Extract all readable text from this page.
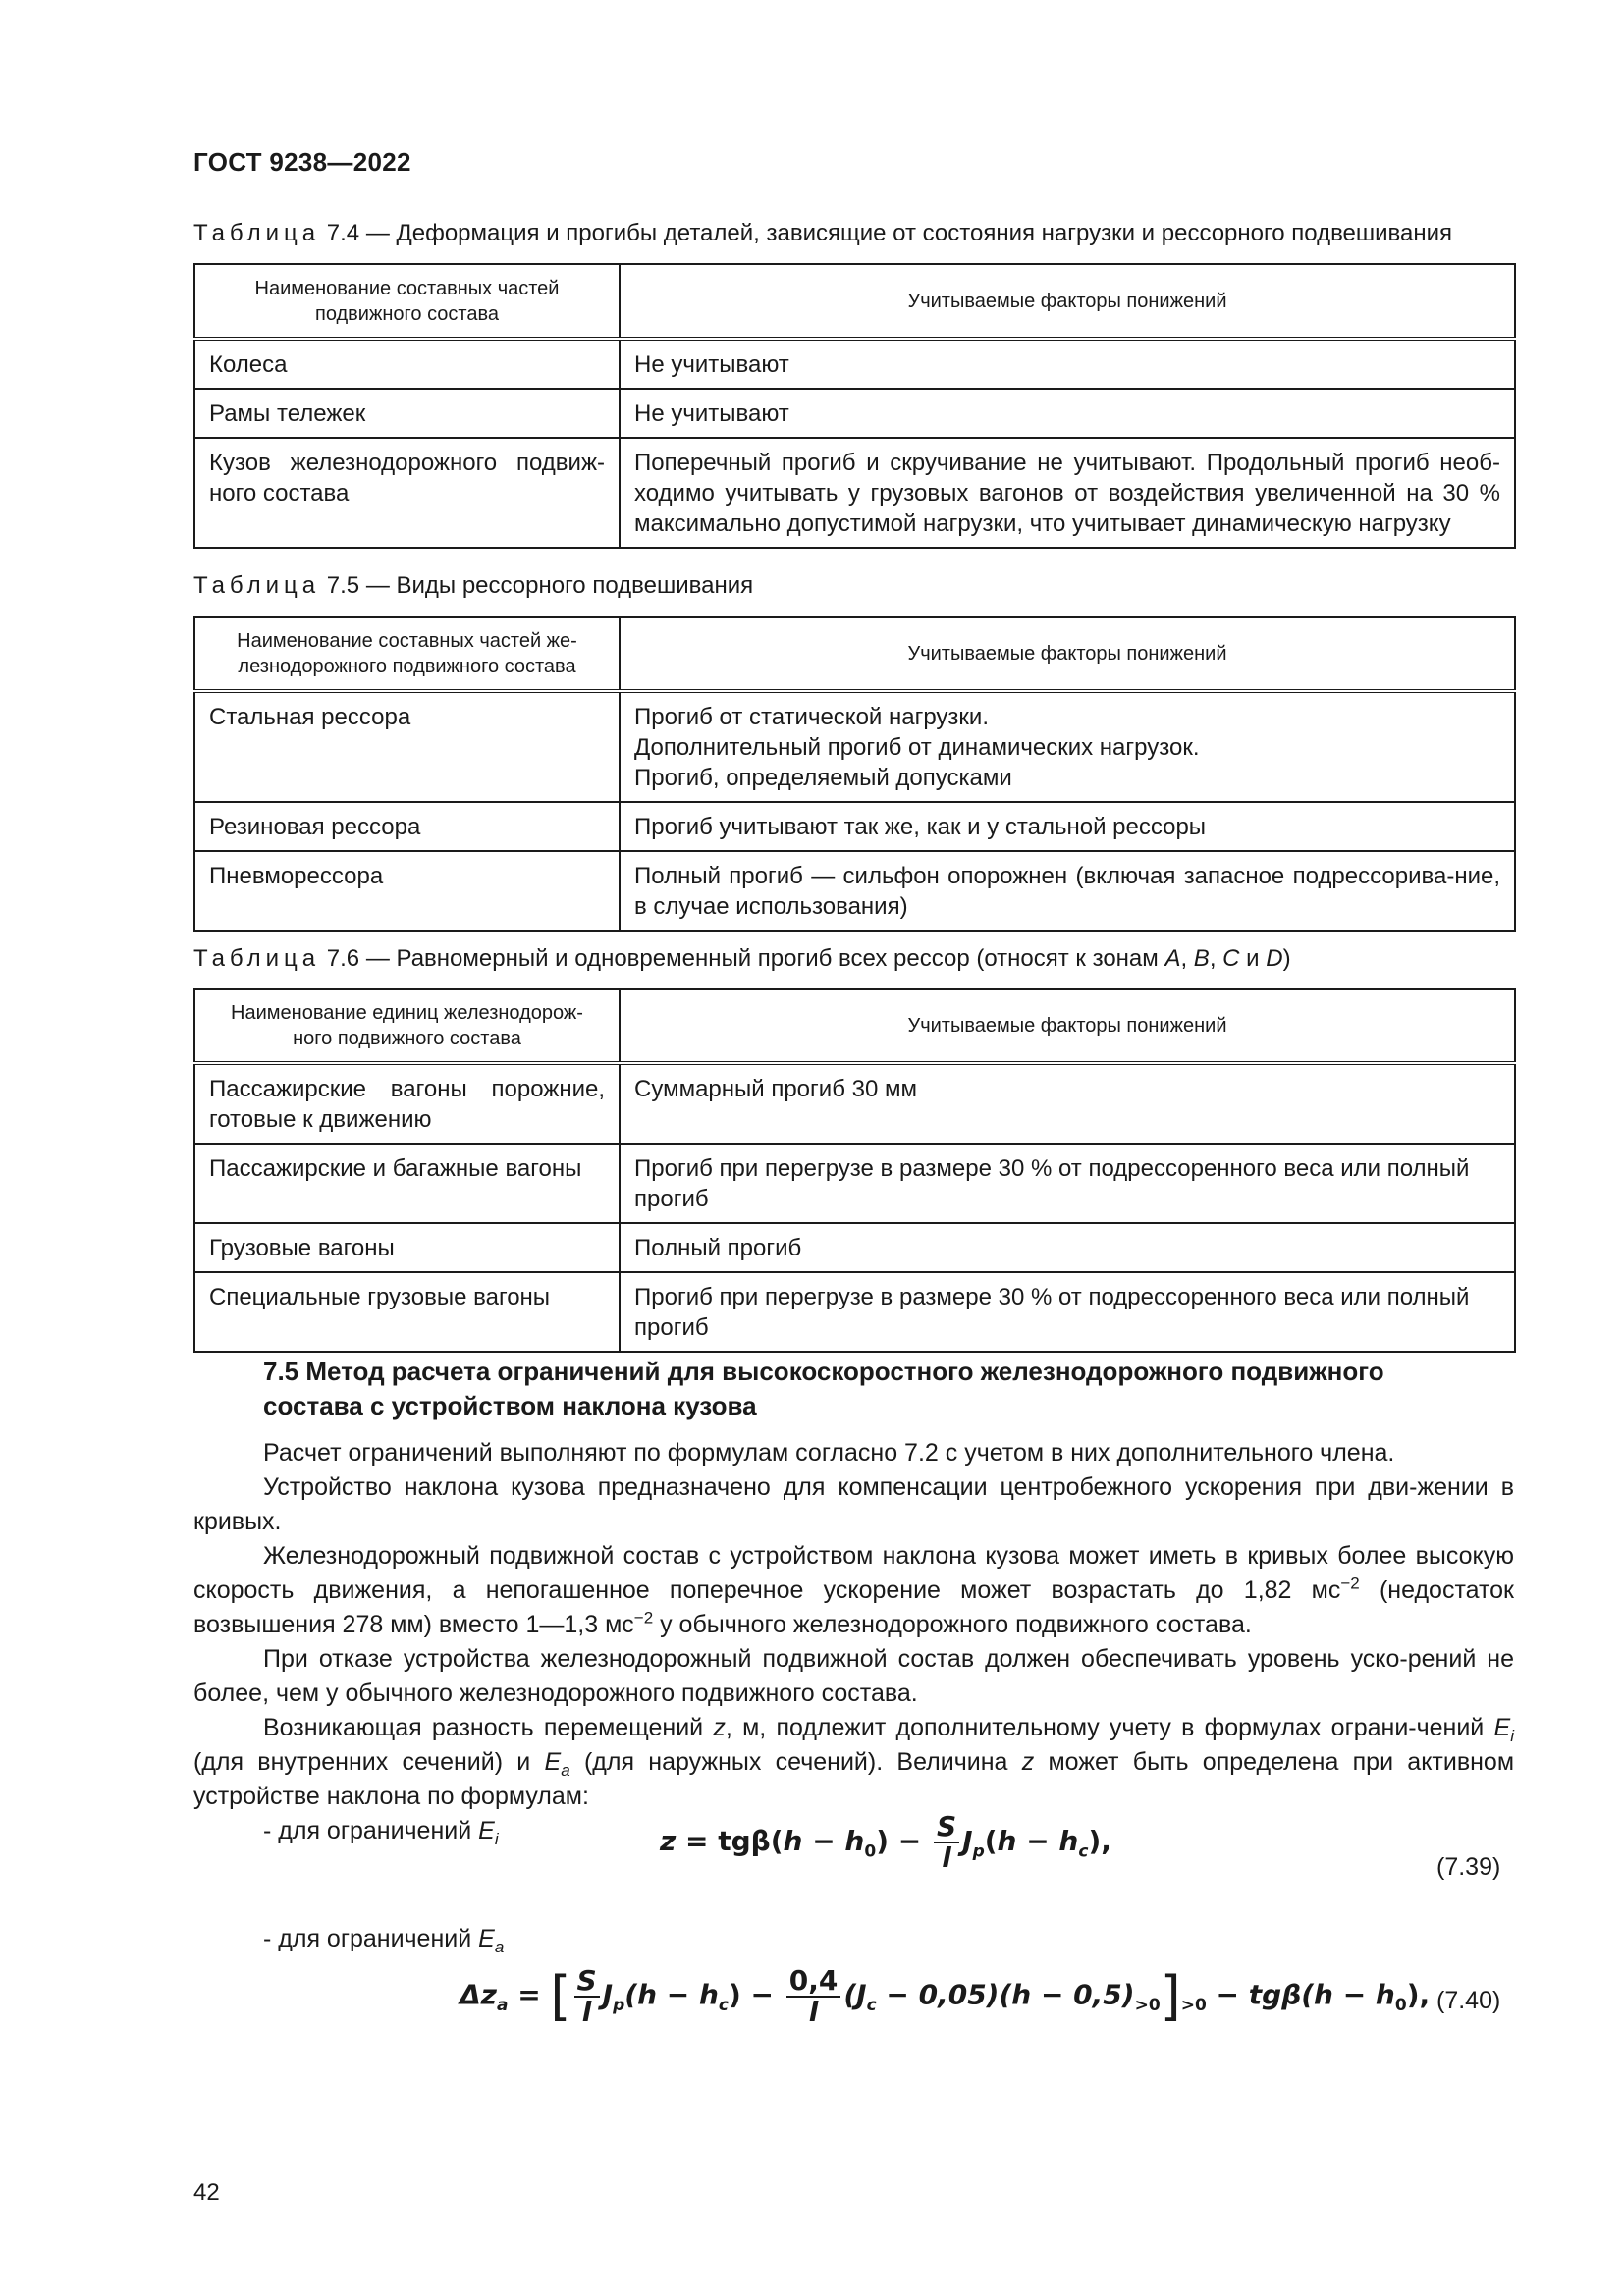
ГОСТ 9238—2022
Таблица 7.4 — Деформация и прогибы деталей, зависящие от состояния нагрузки и рессорного подвешивания
Наименование составных частей подвижного состава	Учитываемые факторы понижений
Колеса	Не учитывают
Рамы тележек	Не учитывают
Кузов железнодорожного подвиж-ного состава	Поперечный прогиб и скручивание не учитывают. Продольный прогиб необ-ходимо учитывать у грузовых вагонов от воздействия увеличенной на 30 % максимально допустимой нагрузки, что учитывает динамическую нагрузку
Таблица 7.5 — Виды рессорного подвешивания
Наименование составных частей же-лезнодорожного подвижного состава	Учитываемые факторы понижений
Стальная рессора	Прогиб от статической нагрузки.
Дополнительный прогиб от динамических нагрузок.
Прогиб, определяемый допусками
Резиновая рессора	Прогиб учитывают так же, как и у стальной рессоры
Пневморессора	Полный прогиб — сильфон опорожнен (включая запасное подрессорива-ние, в случае использования)
Таблица 7.6 — Равномерный и одновременный прогиб всех рессор (относят к зонам A, B, C и D)
Наименование единиц железнодорож-ного подвижного состава	Учитываемые факторы понижений
Пассажирские вагоны порожние, готовые к движению	Суммарный прогиб 30 мм
Пассажирские и багажные вагоны	Прогиб при перегрузе в размере 30 % от подрессоренного веса или полный прогиб
Грузовые вагоны	Полный прогиб
Специальные грузовые вагоны	Прогиб при перегрузе в размере 30 % от подрессоренного веса или полный прогиб
7.5 Метод расчета ограничений для высокоскоростного железнодорожного подвижного
состава с устройством наклона кузова

Расчет ограничений выполняют по формулам согласно 7.2 с учетом в них дополнительного члена.

Устройство наклона кузова предназначено для компенсации центробежного ускорения при дви-жении в кривых.

Железнодорожный подвижной состав с устройством наклона кузова может иметь в кривых более высокую скорость движения, а непогашенное поперечное ускорение может возрастать до 1,82 $мс^{-2}$ (недостаток возвышения 278 мм) вместо 1—1,3 $мс^{-2}$ у обычного железнодорожного подвижного состава.

При отказе устройства железнодорожный подвижной состав должен обеспечивать уровень уско-рений не более, чем у обычного железнодорожного подвижного состава.

Возникающая разность перемещений z, м, подлежит дополнительному учету в формулах ограни-чений $E_i$ (для внутренних сечений) и $E_a$ (для наружных сечений). Величина z может быть определена при активном устройстве наклона по формулам:

- для ограничений $E_i$	$z = tg\beta(h - h_0) - \frac{S}{l} J_p(h - h_c)$,
(7.39)

- для ограничений $E_a$

$\Delta z_a$ = [ $\frac{S}{l} J_p(h - h_c) - \frac{0,4}{l} (J_c - 0,05)(h - 0,5)_{>0}]_{>0} - tg\beta(h - h_0)$, (7.40)
42
